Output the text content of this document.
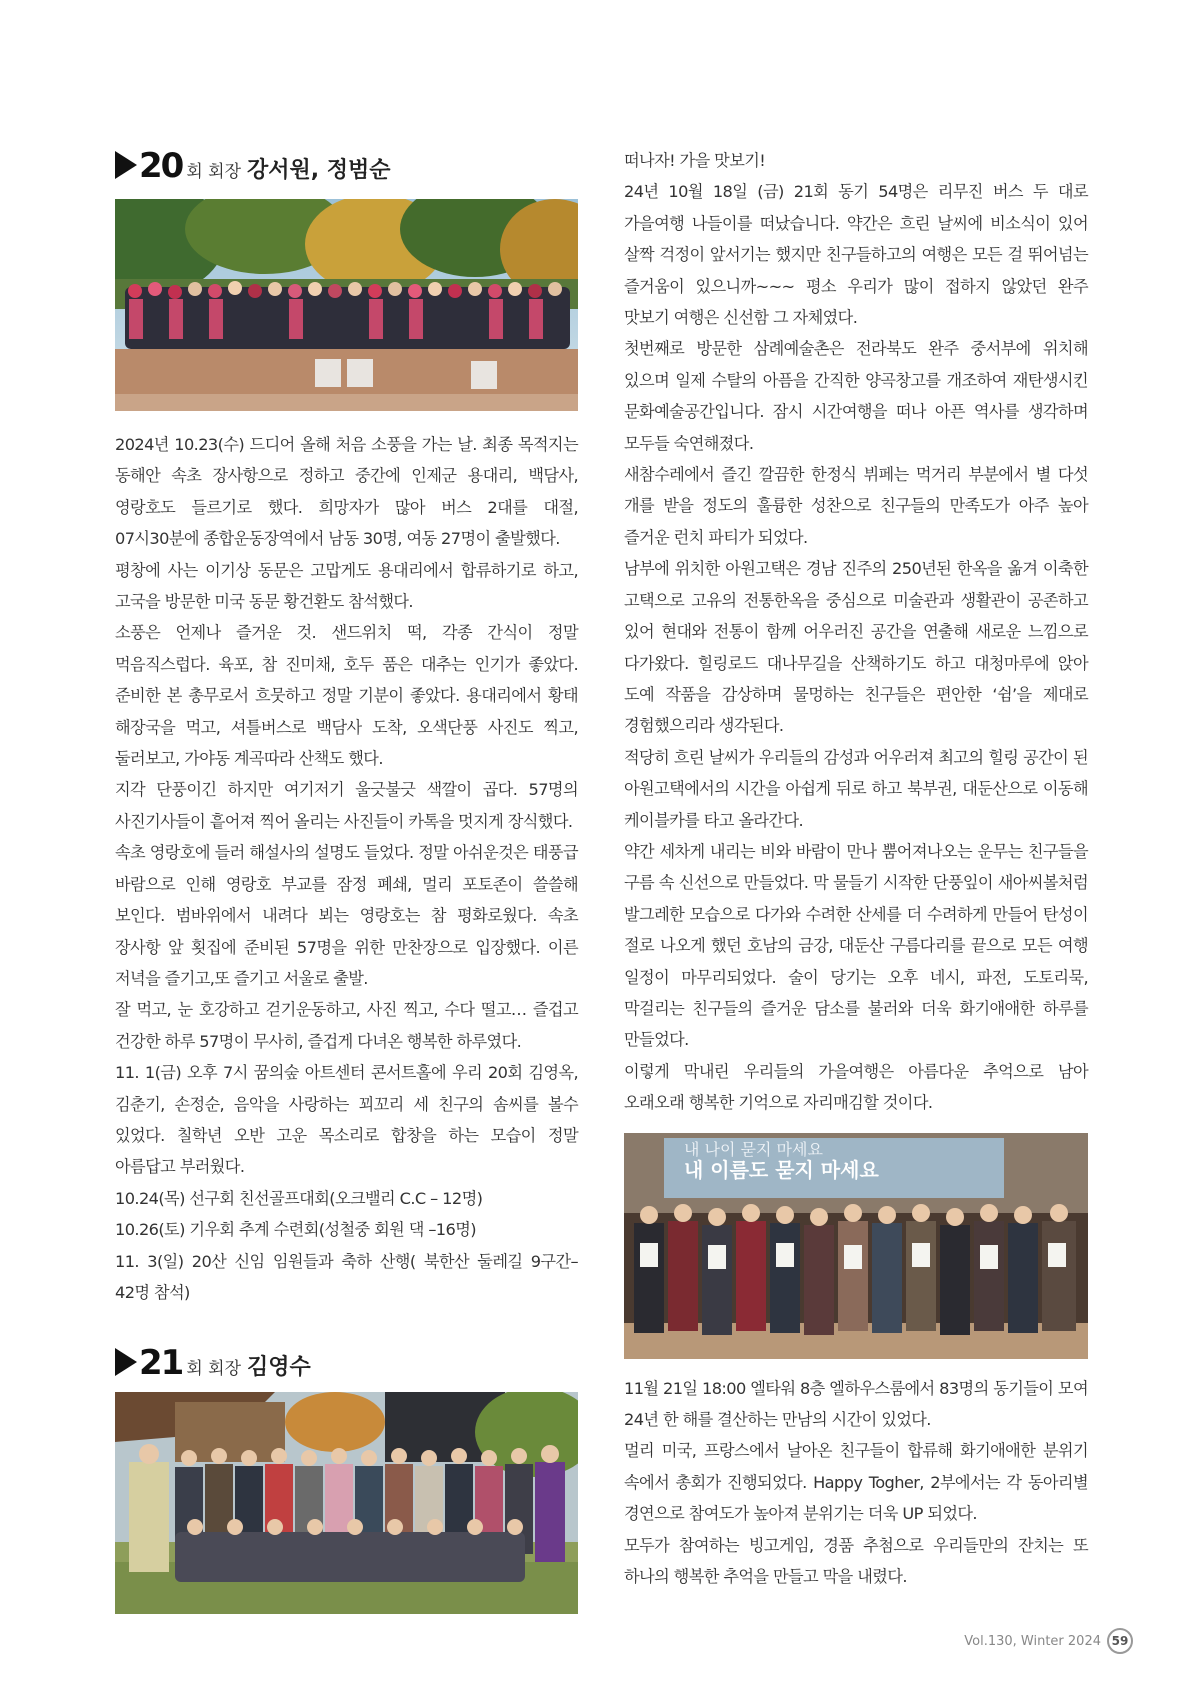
20 회 회장 강서원, 정범순

2024년 10.23(수) 드디어 올해 처음 소풍을 가는 날. 최종 목적지는 동해안 속초 장사항으로 정하고 중간에 인제군 용대리, 백담사, 영랑호도 들르기로 했다. 희망자가 많아 버스 2대를 대절, 07시30분에 종합운동장역에서 남동 30명, 여동 27명이 출발했다.

평창에 사는 이기상 동문은 고맙게도 용대리에서 합류하기로 하고, 고국을 방문한 미국 동문 황건환도 참석했다.

소풍은 언제나 즐거운 것. 샌드위치 떡, 각종 간식이 정말 먹음직스럽다. 육포, 참 진미채, 호두 품은 대추는 인기가 좋았다. 준비한 본 총무로서 흐뭇하고 정말 기분이 좋았다. 용대리에서 황태 해장국을 먹고, 셔틀버스로 백담사 도착, 오색단풍 사진도 찍고, 둘러보고, 가야동 계곡따라 산책도 했다.

지각 단풍이긴 하지만 여기저기 울긋불긋 색깔이 곱다. 57명의 사진기사들이 흩어져 찍어 올리는 사진들이 카톡을 멋지게 장식했다.

속초 영랑호에 들러 해설사의 설명도 들었다. 정말 아쉬운것은 태풍급 바람으로 인해 영랑호 부교를 잠정 폐쇄, 멀리 포토존이 쓸쓸해 보인다. 범바위에서 내려다 뵈는 영랑호는 참 평화로웠다. 속초 장사항 앞 횟집에 준비된 57명을 위한 만찬장으로 입장했다. 이른 저녁을 즐기고,또 즐기고 서울로 출발.

잘 먹고, 눈 호강하고 걷기운동하고, 사진 찍고, 수다 떨고… 즐겁고 건강한 하루 57명이 무사히, 즐겁게 다녀온 행복한 하루였다.

11. 1(금) 오후 7시 꿈의숲 아트센터 콘서트홀에 우리 20회 김영옥, 김춘기, 손정순, 음악을 사랑하는 꾀꼬리 세 친구의 솜씨를 볼수 있었다. 칠학년 오반 고운 목소리로 합창을 하는 모습이 정말 아름답고 부러웠다.

10.24(목) 선구회 친선골프대회(오크밸리 C.C – 12명)

10.26(토) 기우회 추계 수련회(성철중 회원 댁 –16명)

11. 3(일) 20산 신임 임원들과 축하 산행( 북한산 둘레길 9구간– 42명 참석)

21 회 회장 김영수

떠나자! 가을 맛보기!

24년 10월 18일 (금) 21회 동기 54명은 리무진 버스 두 대로 가을여행 나들이를 떠났습니다. 약간은 흐린 날씨에 비소식이 있어 살짝 걱정이 앞서기는 했지만 친구들하고의 여행은 모든 걸 뛰어넘는 즐거움이 있으니까~~~ 평소 우리가 많이 접하지 않았던 완주 맛보기 여행은 신선함 그 자체였다.

첫번째로 방문한 삼례예술촌은 전라북도 완주 중서부에 위치해 있으며 일제 수탈의 아픔을 간직한 양곡창고를 개조하여 재탄생시킨 문화예술공간입니다. 잠시 시간여행을 떠나 아픈 역사를 생각하며 모두들 숙연해졌다.

새참수레에서 즐긴 깔끔한 한정식 뷔페는 먹거리 부분에서 별 다섯 개를 받을 정도의 훌륭한 성찬으로 친구들의 만족도가 아주 높아 즐거운 런치 파티가 되었다.

남부에 위치한 아원고택은 경남 진주의 250년된 한옥을 옮겨 이축한 고택으로 고유의 전통한옥을 중심으로 미술관과 생활관이 공존하고 있어 현대와 전통이 함께 어우러진 공간을 연출해 새로운 느낌으로 다가왔다. 힐링로드 대나무길을 산책하기도 하고 대청마루에 앉아 도예 작품을 감상하며 물멍하는 친구들은 편안한 ‘쉼’을 제대로 경험했으리라 생각된다.

적당히 흐린 날씨가 우리들의 감성과 어우러져 최고의 힐링 공간이 된 아원고택에서의 시간을 아쉽게 뒤로 하고 북부권, 대둔산으로 이동해 케이블카를 타고 올라간다.

약간 세차게 내리는 비와 바람이 만나 뿜어져나오는 운무는 친구들을 구름 속 신선으로 만들었다. 막 물들기 시작한 단풍잎이 새아씨볼처럼 발그레한 모습으로 다가와 수려한 산세를 더 수려하게 만들어 탄성이 절로 나오게 했던 호남의 금강, 대둔산 구름다리를 끝으로 모든 여행 일정이 마무리되었다. 술이 당기는 오후 네시, 파전, 도토리묵, 막걸리는 친구들의 즐거운 담소를 불러와 더욱 화기애애한 하루를 만들었다.

이렇게 막내린 우리들의 가을여행은 아름다운 추억으로 남아 오래오래 행복한 기억으로 자리매김할 것이다.

내 나이 묻지 마세요
내 이름도 묻지 마세요

11월 21일 18:00 엘타워 8층 엘하우스룸에서 83명의 동기들이 모여 24년 한 해를 결산하는 만남의 시간이 있었다.

멀리 미국, 프랑스에서 날아온 친구들이 합류해 화기애애한 분위기 속에서 총회가 진행되었다. Happy Togher, 2부에서는 각 동아리별 경연으로 참여도가 높아져 분위기는 더욱 UP 되었다.

모두가 참여하는 빙고게임, 경품 추첨으로 우리들만의 잔치는 또 하나의 행복한 추억을 만들고 막을 내렸다.

Vol.130, Winter 2024 59
